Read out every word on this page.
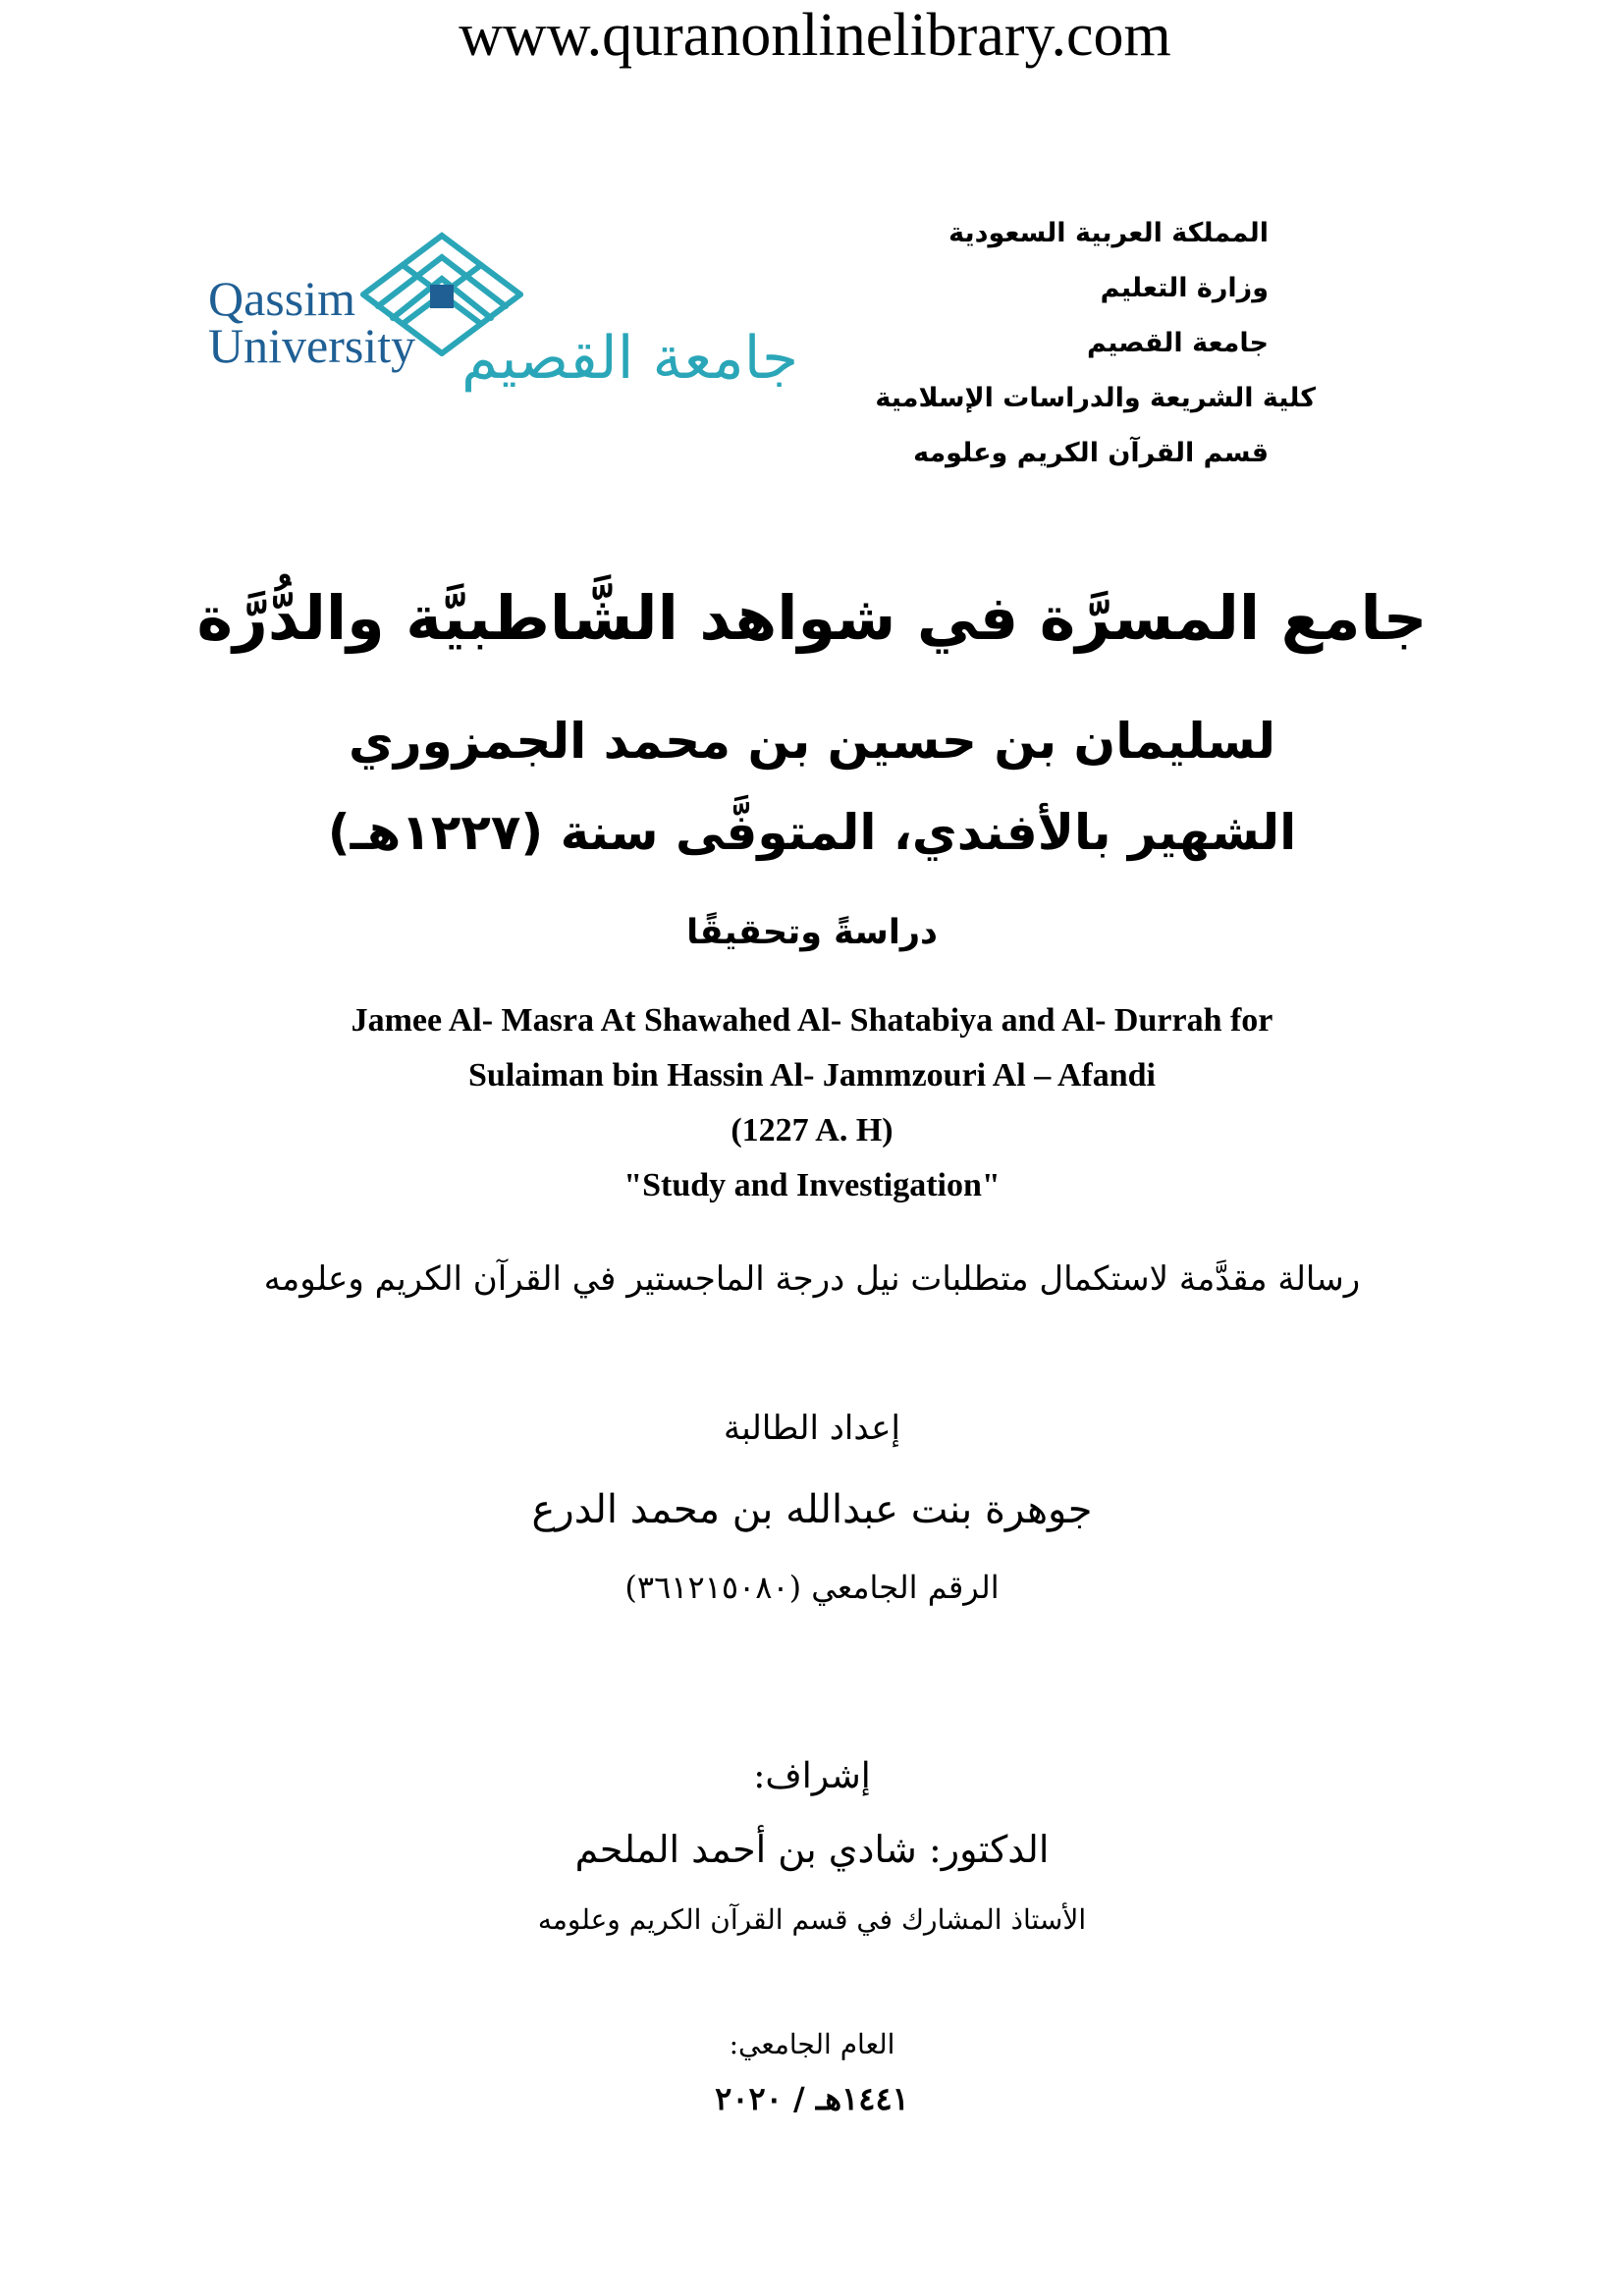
www.quranonlinelibrary.com
Qassim
University جامعة القصيم
المملكة العربية السعودية
وزارة التعليم
جامعة القصيم
كلية الشريعة والدراسات الإسلامية
قسم القرآن الكريم وعلومه
جامع المسرَّة في شواهد الشَّاطبيَّة والدُّرَّة
لسليمان بن حسين بن محمد الجمزوري
الشهير بالأفندي، المتوفَّى سنة (١٢٢٧هـ)
دراسةً وتحقيقًا
Jamee Al- Masra At Shawahed Al- Shatabiya and Al- Durrah for
Sulaiman bin Hassin Al- Jammzouri Al – Afandi
(1227 A. H)
"Study and Investigation"
رسالة مقدَّمة لاستكمال متطلبات نيل درجة الماجستير في القرآن الكريم وعلومه
إعداد الطالبة
جوهرة بنت عبدالله بن محمد الدرع
الرقم الجامعي (٣٦١٢١٥٠٨٠)
إشراف:
الدكتور: شادي بن أحمد الملحم
الأستاذ المشارك في قسم القرآن الكريم وعلومه
العام الجامعي:
١٤٤١هـ / ٢٠٢٠
